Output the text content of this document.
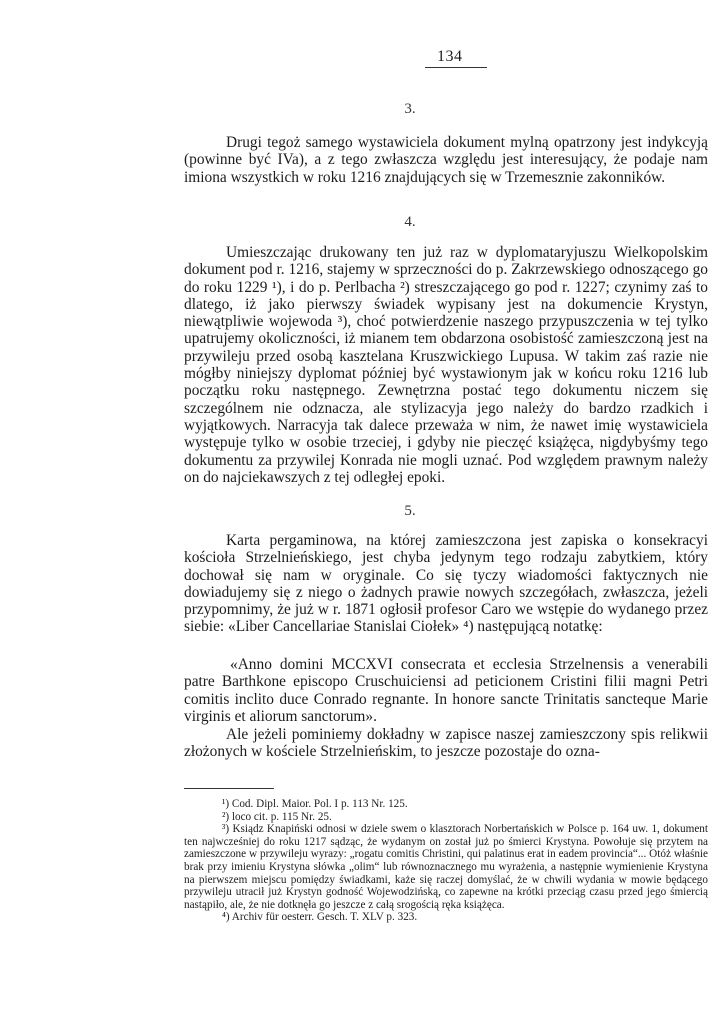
134
3.

Drugi tegoż samego wystawiciela dokument mylną opatrzony jest indykcyją (powinne być IVa), a z tego zwłaszcza względu jest interesujący, że podaje nam imiona wszystkich w roku 1216 znajdujących się w Trzemesznie zakonników.

4.

Umieszczając drukowany ten już raz w dyplomataryjuszu Wielkopolskim dokument pod r. 1216, stajemy w sprzeczności do p. Zakrzewskiego odnoszącego go do roku 1229 ¹), i do p. Perlbacha ²) streszczającego go pod r. 1227; czynimy zaś to dlatego, iż jako pierwszy świadek wypisany jest na dokumencie Krystyn, niewątpliwie wojewoda ³), choć potwierdzenie naszego przypuszczenia w tej tylko upatrujemy okoliczności, iż mianem tem obdarzona osobistość zamieszczoną jest na przywileju przed osobą kasztelana Kruszwickiego Lupusa. W takim zaś razie nie mógłby niniejszy dyplomat później być wystawionym jak w końcu roku 1216 lub początku roku następnego. Zewnętrzna postać tego dokumentu niczem się szczególnem nie odznacza, ale stylizacyja jego należy do bardzo rzadkich i wyjątkowych. Narracyja tak dalece przeważa w nim, że nawet imię wystawiciela występuje tylko w osobie trzeciej, i gdyby nie pieczęć książęca, nigdybyśmy tego dokumentu za przywilej Konrada nie mogli uznać. Pod względem prawnym należy on do najciekawszych z tej odległej epoki.

5.

Karta pergaminowa, na której zamieszczona jest zapiska o konsekracyi kościoła Strzelnieńskiego, jest chyba jedynym tego rodzaju zabytkiem, który dochował się nam w oryginale. Co się tyczy wiadomości faktycznych nie dowiadujemy się z niego o żadnych prawie nowych szczegółach, zwłaszcza, jeżeli przypomnimy, że już w r. 1871 ogłosił profesor Caro we wstępie do wydanego przez siebie: «Liber Cancellariae Stanislai Ciołek» ⁴) następującą notatkę:

«Anno domini MCCXVI consecrata et ecclesia Strzelnensis a venerabili patre Barthkone episcopo Cruschuiciensi ad peticionem Cristini filii magni Petri comitis inclito duce Conrado regnante. In honore sancte Trinitatis sancteque Marie virginis et aliorum sanctorum».

Ale jeżeli pominiemy dokładny w zapisce naszej zamieszczony spis relikwii złożonych w kościele Strzelnieńskim, to jeszcze pozostaje do ozna-

¹) Cod. Dipl. Maior. Pol. I p. 113 Nr. 125.

²) loco cit. p. 115 Nr. 25.

³) Ksiądz Knapiński odnosi w dziele swem o klasztorach Norbertańskich w Polsce p. 164 uw. 1, dokument ten najwcześniej do roku 1217 sądząc, że wydanym on został już po śmierci Krystyna. Powołuje się przytem na zamieszczone w przywileju wyrazy: „rogatu comitis Christini, qui palatinus erat in eadem provincia“... Otóż właśnie brak przy imieniu Krystyna słówka „olim“ lub równoznacznego mu wyrażenia, a następnie wymienienie Krystyna na pierwszem miejscu pomiędzy świadkami, każe się raczej domyślać, że w chwili wydania w mowie będącego przywileju utracił już Krystyn godność Wojewodzińską, co zapewne na krótki przeciąg czasu przed jego śmiercią nastąpiło, ale, że nie dotknęła go jeszcze z całą srogością ręka książęca.

⁴) Archiv für oesterr. Gesch. T. XLV p. 323.
